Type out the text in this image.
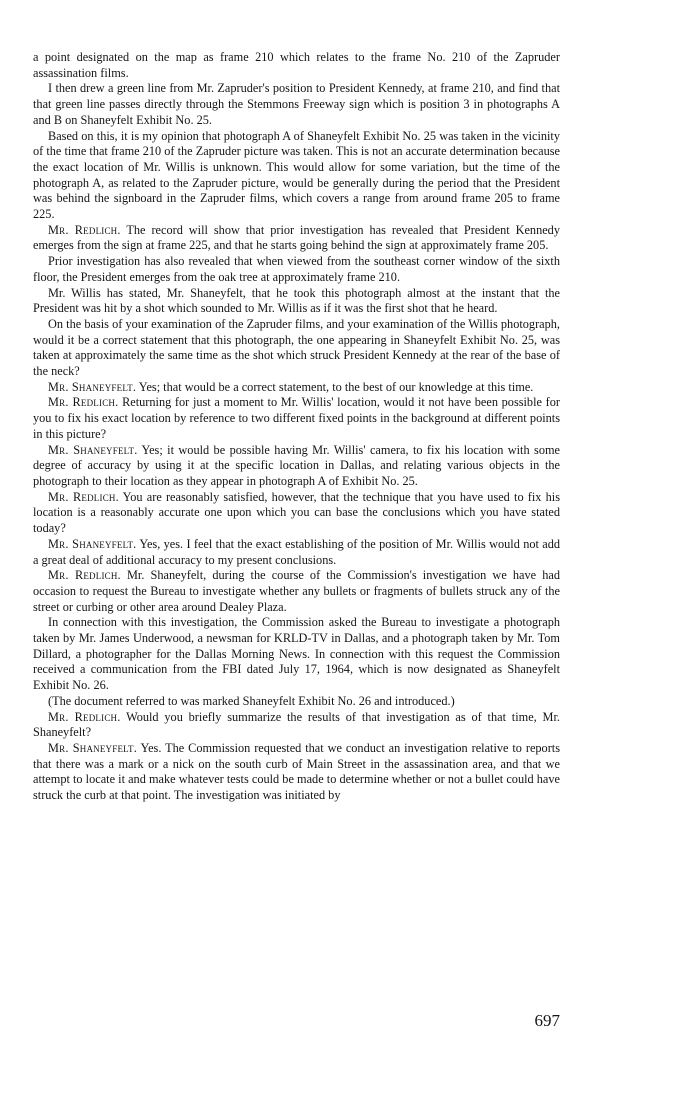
a point designated on the map as frame 210 which relates to the frame No. 210 of the Zapruder assassination films.

I then drew a green line from Mr. Zapruder's position to President Kennedy, at frame 210, and find that that green line passes directly through the Stemmons Freeway sign which is position 3 in photographs A and B on Shaneyfelt Exhibit No. 25.

Based on this, it is my opinion that photograph A of Shaneyfelt Exhibit No. 25 was taken in the vicinity of the time that frame 210 of the Zapruder picture was taken. This is not an accurate determination because the exact location of Mr. Willis is unknown. This would allow for some variation, but the time of the photograph A, as related to the Zapruder picture, would be generally during the period that the President was behind the signboard in the Zapruder films, which covers a range from around frame 205 to frame 225.

Mr. Redlich. The record will show that prior investigation has revealed that President Kennedy emerges from the sign at frame 225, and that he starts going behind the sign at approximately frame 205.

Prior investigation has also revealed that when viewed from the southeast corner window of the sixth floor, the President emerges from the oak tree at approximately frame 210.

Mr. Willis has stated, Mr. Shaneyfelt, that he took this photograph almost at the instant that the President was hit by a shot which sounded to Mr. Willis as if it was the first shot that he heard.

On the basis of your examination of the Zapruder films, and your examination of the Willis photograph, would it be a correct statement that this photograph, the one appearing in Shaneyfelt Exhibit No. 25, was taken at approximately the same time as the shot which struck President Kennedy at the rear of the base of the neck?

Mr. Shaneyfelt. Yes; that would be a correct statement, to the best of our knowledge at this time.

Mr. Redlich. Returning for just a moment to Mr. Willis' location, would it not have been possible for you to fix his exact location by reference to two different fixed points in the background at different points in this picture?

Mr. Shaneyfelt. Yes; it would be possible having Mr. Willis' camera, to fix his location with some degree of accuracy by using it at the specific location in Dallas, and relating various objects in the photograph to their location as they appear in photograph A of Exhibit No. 25.

Mr. Redlich. You are reasonably satisfied, however, that the technique that you have used to fix his location is a reasonably accurate one upon which you can base the conclusions which you have stated today?

Mr. Shaneyfelt. Yes, yes. I feel that the exact establishing of the position of Mr. Willis would not add a great deal of additional accuracy to my present conclusions.

Mr. Redlich. Mr. Shaneyfelt, during the course of the Commission's investigation we have had occasion to request the Bureau to investigate whether any bullets or fragments of bullets struck any of the street or curbing or other area around Dealey Plaza.

In connection with this investigation, the Commission asked the Bureau to investigate a photograph taken by Mr. James Underwood, a newsman for KRLD-TV in Dallas, and a photograph taken by Mr. Tom Dillard, a photographer for the Dallas Morning News. In connection with this request the Commission received a communication from the FBI dated July 17, 1964, which is now designated as Shaneyfelt Exhibit No. 26.

(The document referred to was marked Shaneyfelt Exhibit No. 26 and introduced.)

Mr. Redlich. Would you briefly summarize the results of that investigation as of that time, Mr. Shaneyfelt?

Mr. Shaneyfelt. Yes. The Commission requested that we conduct an investigation relative to reports that there was a mark or a nick on the south curb of Main Street in the assassination area, and that we attempt to locate it and make whatever tests could be made to determine whether or not a bullet could have struck the curb at that point. The investigation was initiated by

697
